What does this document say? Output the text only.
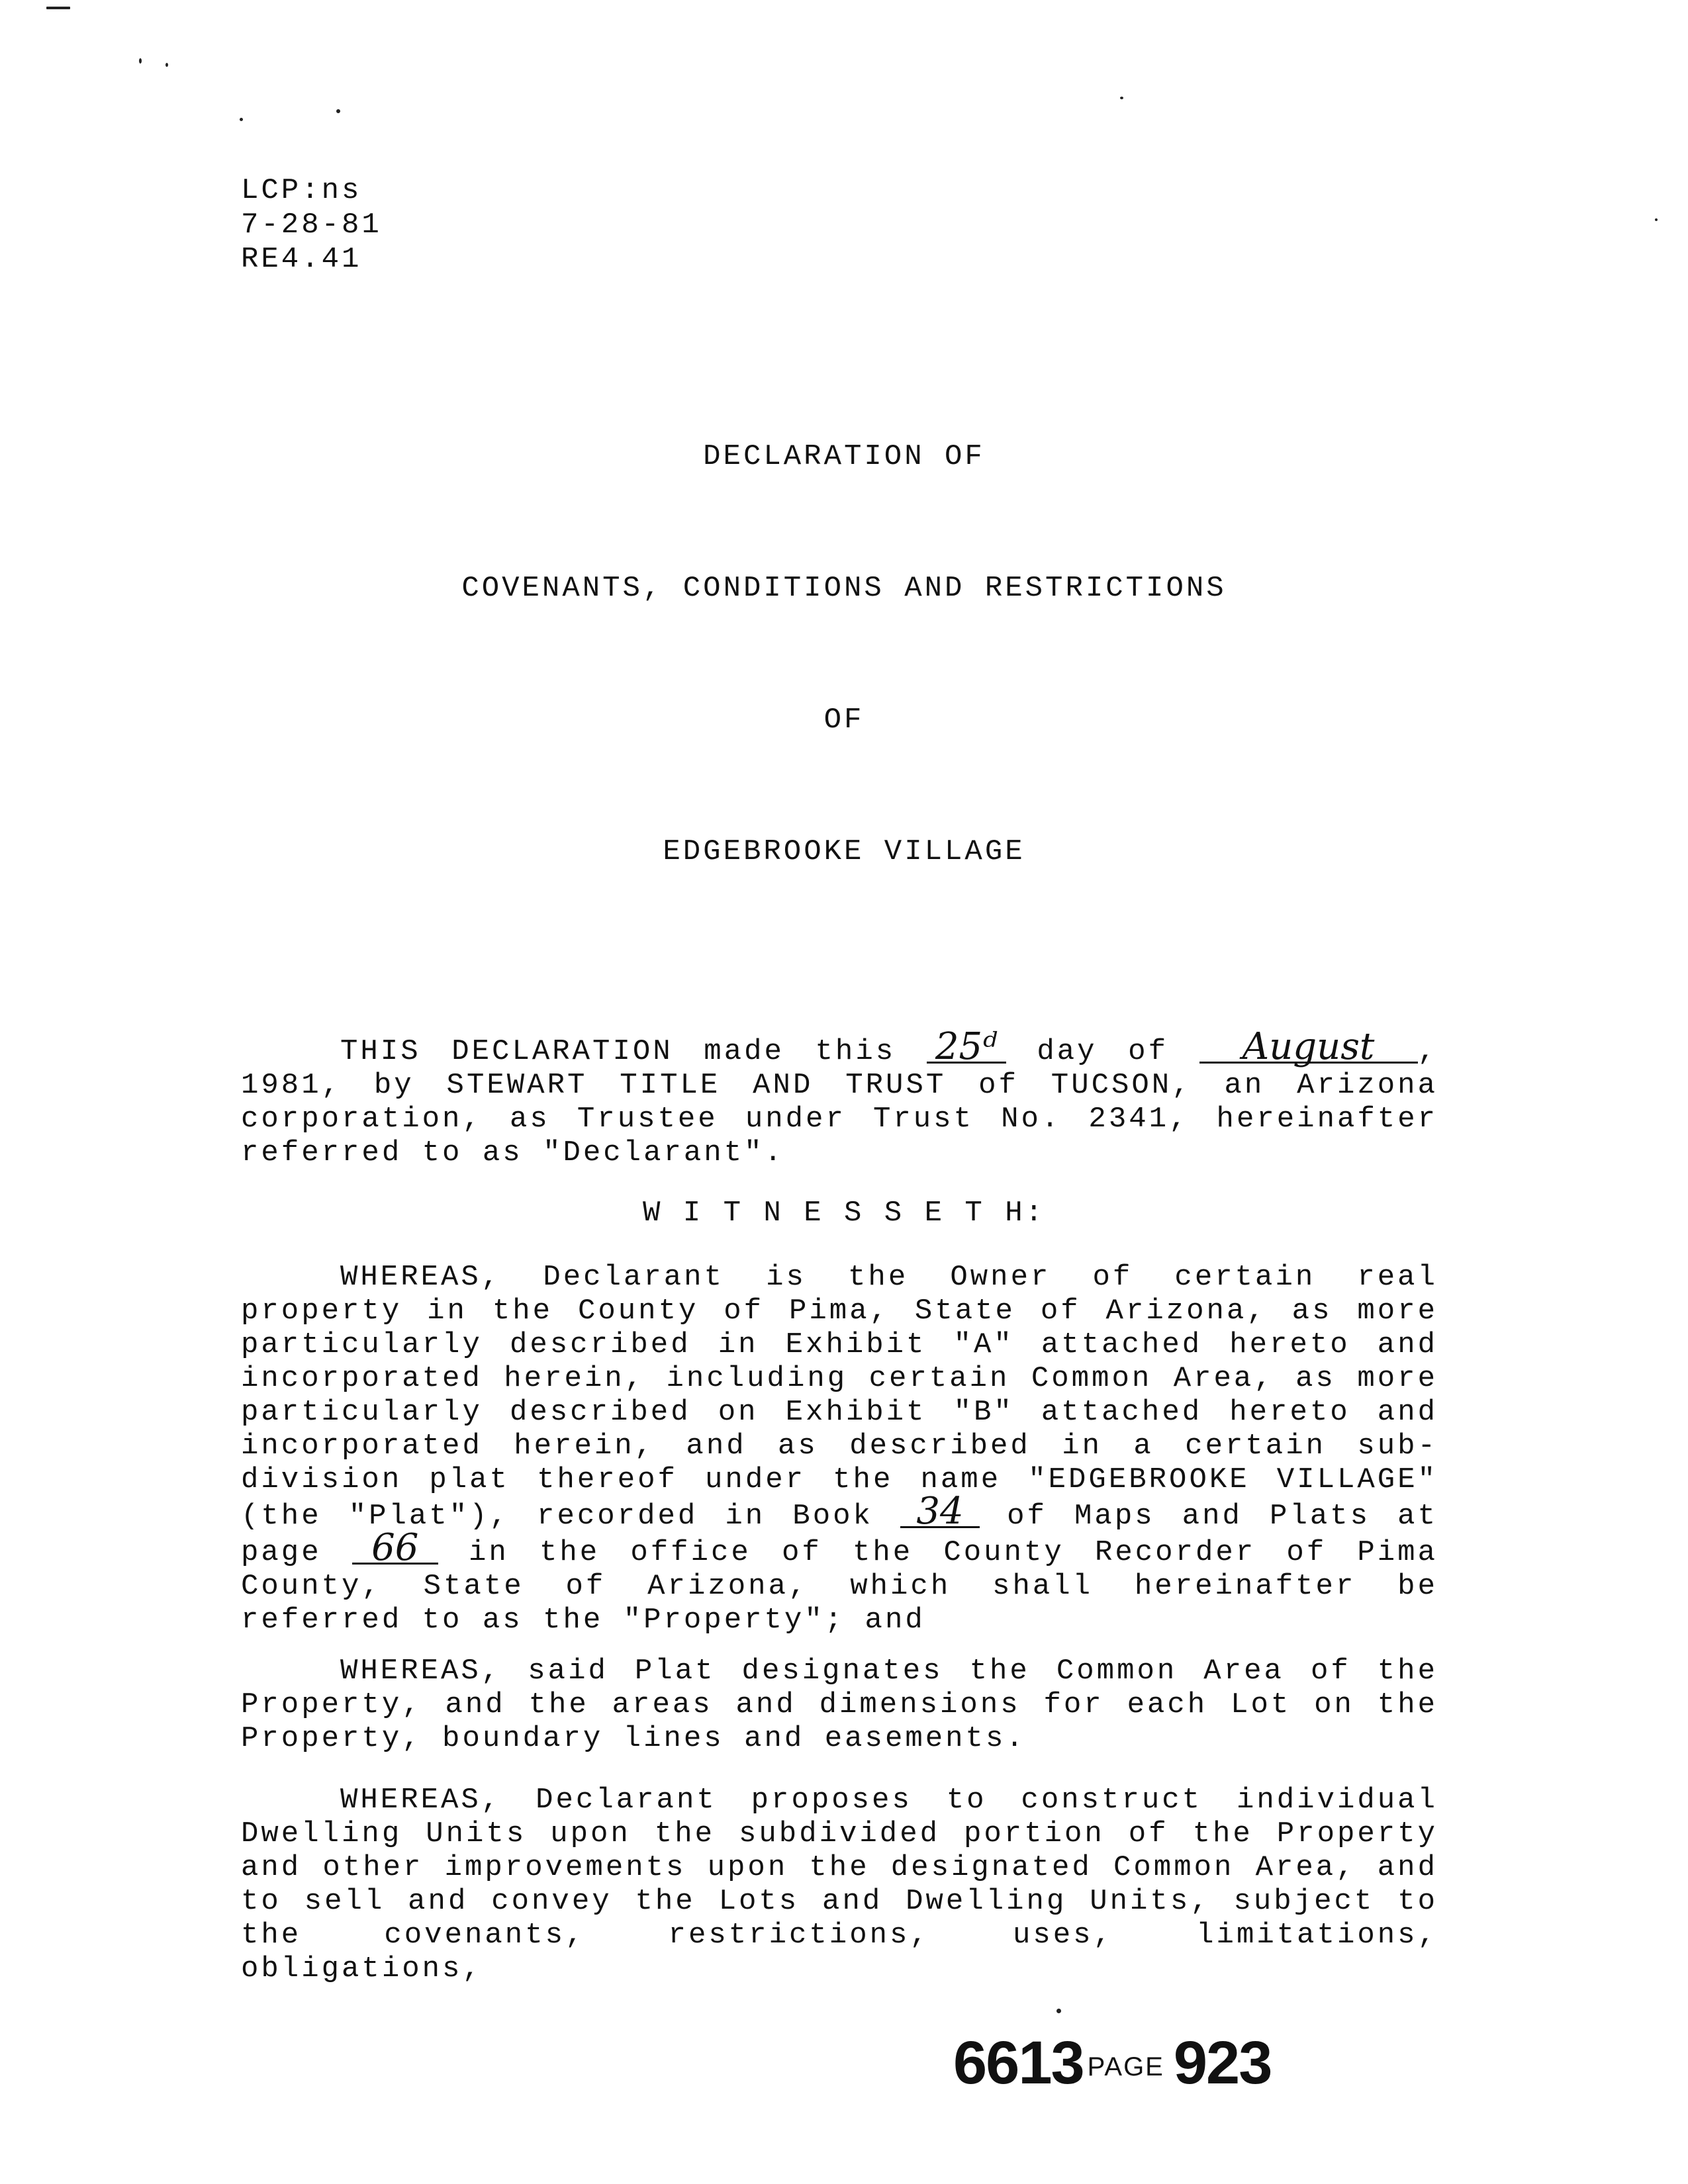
LCP:ns
7-28-81
RE4.41
DECLARATION OF
COVENANTS, CONDITIONS AND RESTRICTIONS
OF
EDGEBROOKE VILLAGE

THIS DECLARATION made this 25ᵈ day of August , 1981, by STEWART TITLE AND TRUST of TUCSON, an Arizona corporation, as Trustee under Trust No. 2341, hereinafter referred to as "Declarant".

W I T N E S S E T H:

WHEREAS, Declarant is the Owner of certain real property in the County of Pima, State of Arizona, as more particularly described in Exhibit "A" attached hereto and incorporated herein, including certain Common Area, as more particularly described on Exhibit "B" attached hereto and incorporated herein, and as described in a certain sub-division plat thereof under the name "EDGEBROOKE VILLAGE" (the "Plat"), recorded in Book 34 of Maps and Plats at page 66 in the office of the County Recorder of Pima County, State of Arizona, which shall hereinafter be referred to as the "Property"; and

WHEREAS, said Plat designates the Common Area of the Property, and the areas and dimensions for each Lot on the Property, boundary lines and easements.

WHEREAS, Declarant proposes to construct individual Dwelling Units upon the subdivided portion of the Property and other improvements upon the designated Common Area, and to sell and convey the Lots and Dwelling Units, subject to the covenants, restrictions, uses, limitations, obligations,

6613 PAGE 923
